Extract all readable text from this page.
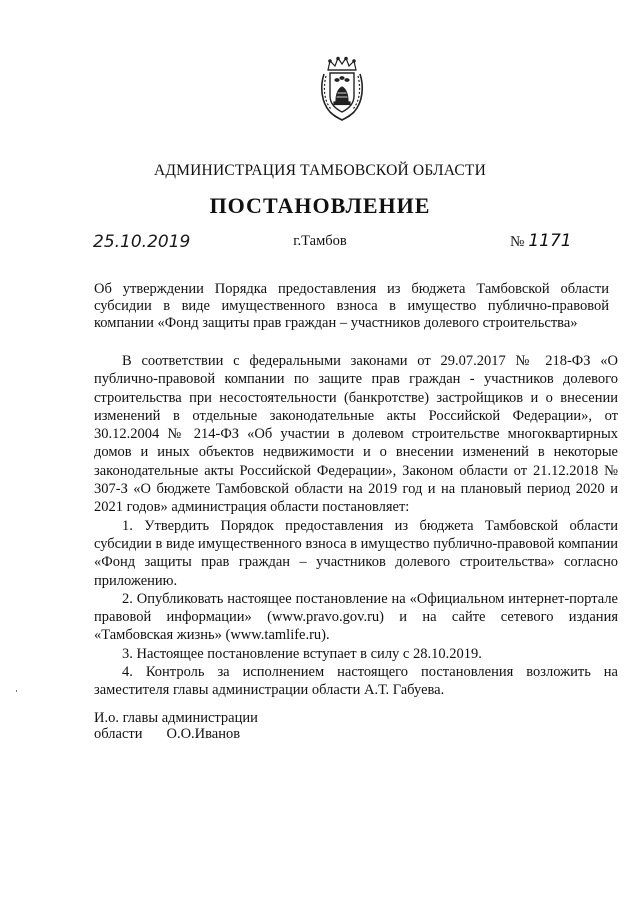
АДМИНИСТРАЦИЯ ТАМБОВСКОЙ ОБЛАСТИ
ПОСТАНОВЛЕНИЕ
25.10.2019	г.Тамбов	№ 1171
Об утверждении Порядка предоставления из бюджета Тамбовской области субсидии в виде имущественного взноса в имущество публично-правовой компании «Фонд защиты прав граждан – участников долевого строительства»

В соответствии с федеральными законами от 29.07.2017 № 218-ФЗ «О публично-правовой компании по защите прав граждан - участников долевого строительства при несостоятельности (банкротстве) застройщиков и о внесении изменений в отдельные законодательные акты Российской Федерации», от 30.12.2004 № 214-ФЗ «Об участии в долевом строительстве многоквартирных домов и иных объектов недвижимости и о внесении изменений в некоторые законодательные акты Российской Федерации», Законом области от 21.12.2018 № 307-З «О бюджете Тамбовской области на 2019 год и на плановый период 2020 и 2021 годов» администрация области постановляет:

1. Утвердить Порядок предоставления из бюджета Тамбовской области субсидии в виде имущественного взноса в имущество публично-правовой компании «Фонд защиты прав граждан – участников долевого строительства» согласно приложению.

2. Опубликовать настоящее постановление на «Официальном интернет-портале правовой информации» (www.pravo.gov.ru) и на сайте сетевого издания «Тамбовская жизнь» (www.tamlife.ru).

3. Настоящее постановление вступает в силу с 28.10.2019.

4. Контроль за исполнением настоящего постановления возложить на заместителя главы администрации области А.Т. Габуева.

И.о. главы администрации
области О.О.Иванов
